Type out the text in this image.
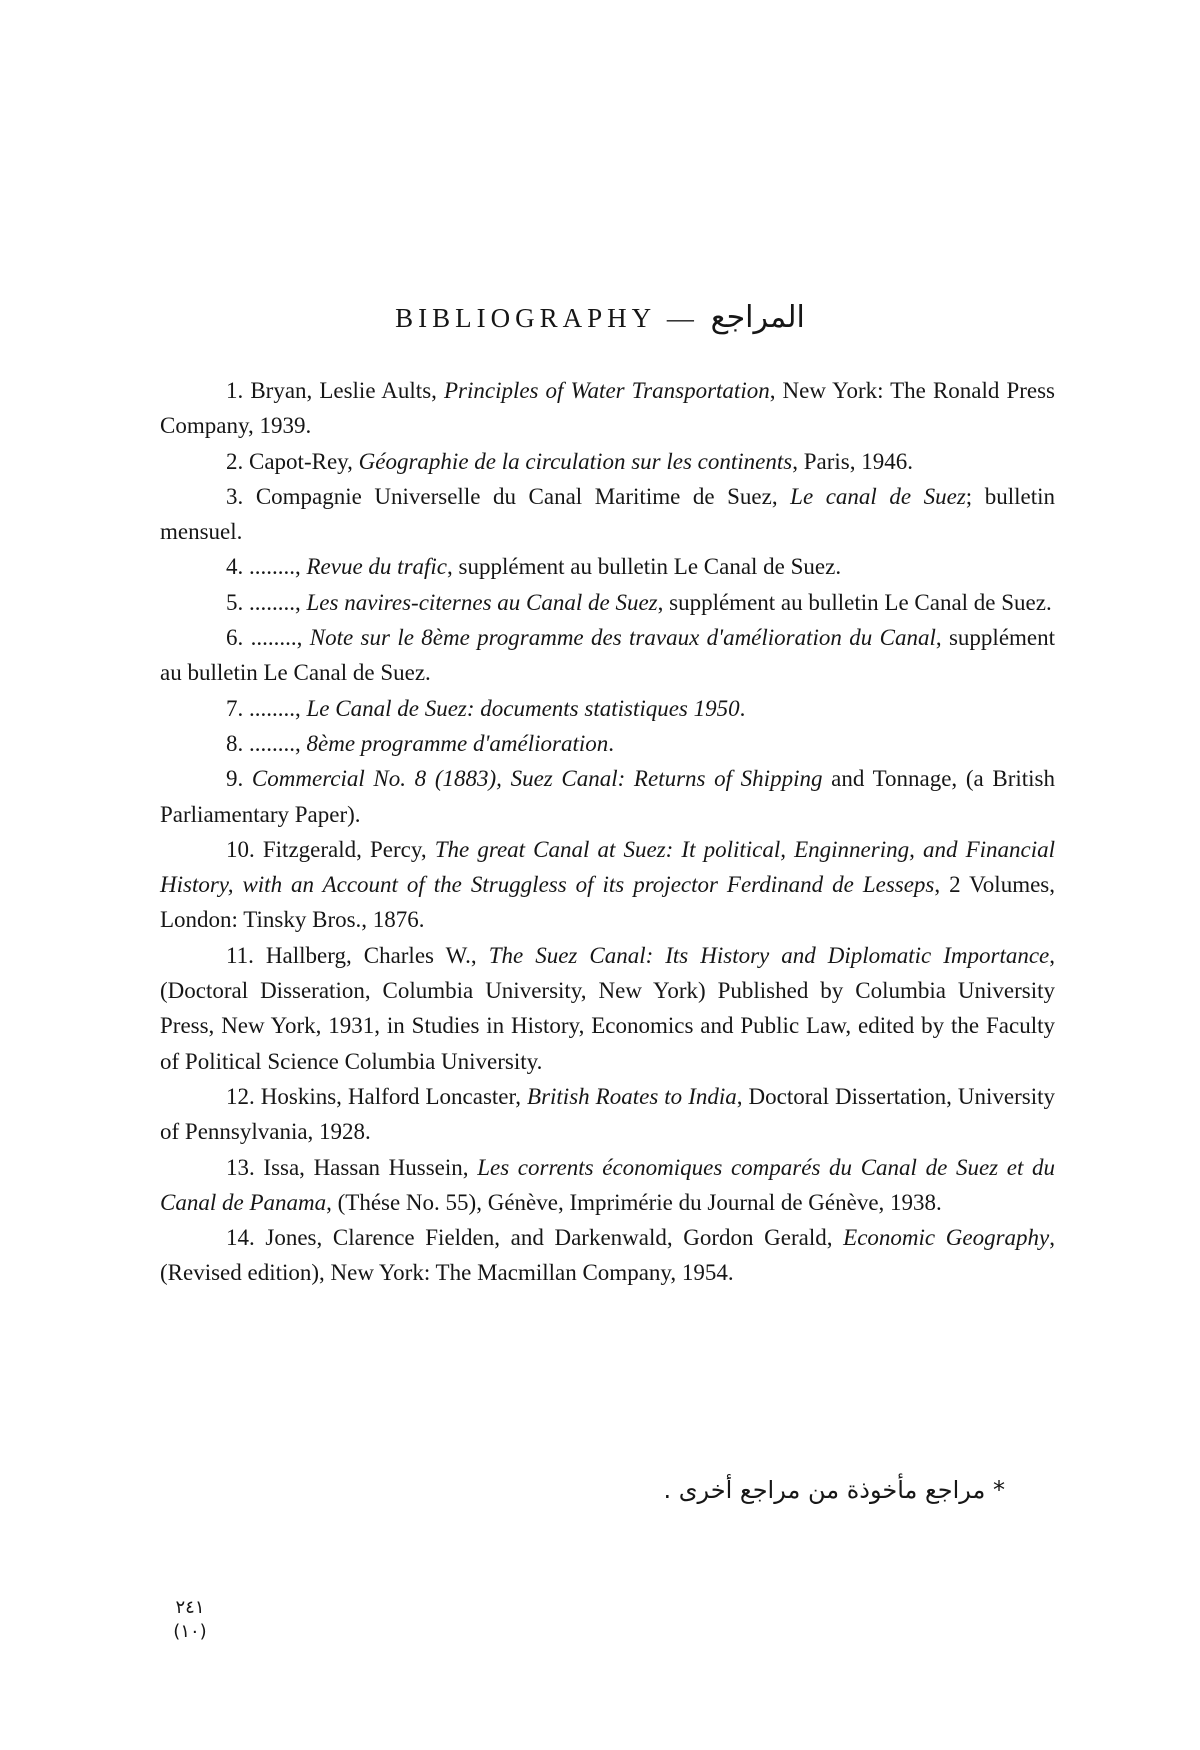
BIBLIOGRAPHY — المراجع

1. Bryan, Leslie Aults, Principles of Water Transportation, New York: The Ronald Press Company, 1939.

2. Capot-Rey, Géographie de la circulation sur les continents, Paris, 1946.

3. Compagnie Universelle du Canal Maritime de Suez, Le canal de Suez; bulletin mensuel.

4. ........, Revue du trafic, supplément au bulletin Le Canal de Suez.

5. ........, Les navires-citernes au Canal de Suez, supplément au bulletin Le Canal de Suez.

6. ........, Note sur le 8ème programme des travaux d'amélioration du Canal, supplément au bulletin Le Canal de Suez.

7. ........, Le Canal de Suez: documents statistiques 1950.

8. ........, 8ème programme d'amélioration.

9. Commercial No. 8 (1883), Suez Canal: Returns of Shipping and Tonnage, (a British Parliamentary Paper).

10. Fitzgerald, Percy, The great Canal at Suez: It political, Enginnering, and Financial History, with an Account of the Struggless of its projector Ferdinand de Lesseps, 2 Volumes, London: Tinsky Bros., 1876.

11. Hallberg, Charles W., The Suez Canal: Its History and Diplomatic Importance, (Doctoral Disseration, Columbia University, New York) Published by Columbia University Press, New York, 1931, in Studies in History, Economics and Public Law, edited by the Faculty of Political Science Columbia University.

12. Hoskins, Halford Loncaster, British Roates to India, Doctoral Dissertation, University of Pennsylvania, 1928.

13. Issa, Hassan Hussein, Les corrents économiques comparés du Canal de Suez et du Canal de Panama, (Thése No. 55), Génève, Imprimérie du Journal de Génève, 1938.

14. Jones, Clarence Fielden, and Darkenwald, Gordon Gerald, Economic Geography, (Revised edition), New York: The Macmillan Company, 1954.

* مراجع مأخوذة من مراجع أخرى .
٢٤١
(١٠)
